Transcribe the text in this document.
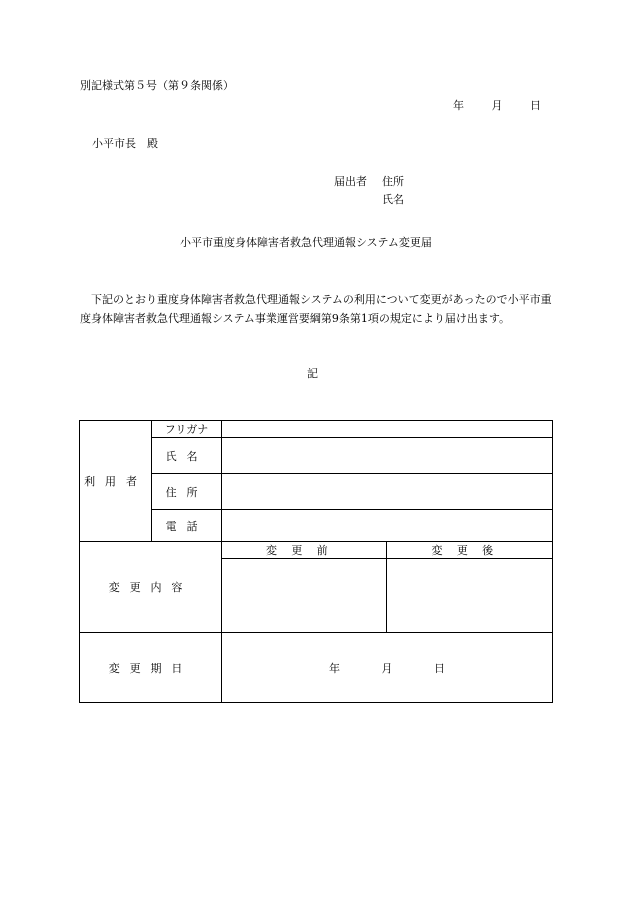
別記様式第５号（第９条関係）
年	月	日
小平市長　殿
届出者 住所
氏名
小平市重度身体障害者救急代理通報システム変更届
下記のとおり重度身体障害者救急代理通報システムの利用について変更があったので小平市重度身体障害者救急代理通報システム事業運営要綱第9条第1項の規定により届け出ます。
記
利用者	フリガナ		
	氏名		
	住所		
	電話		
変更内容		変更前	変更後

変更期日		年 月 日	
